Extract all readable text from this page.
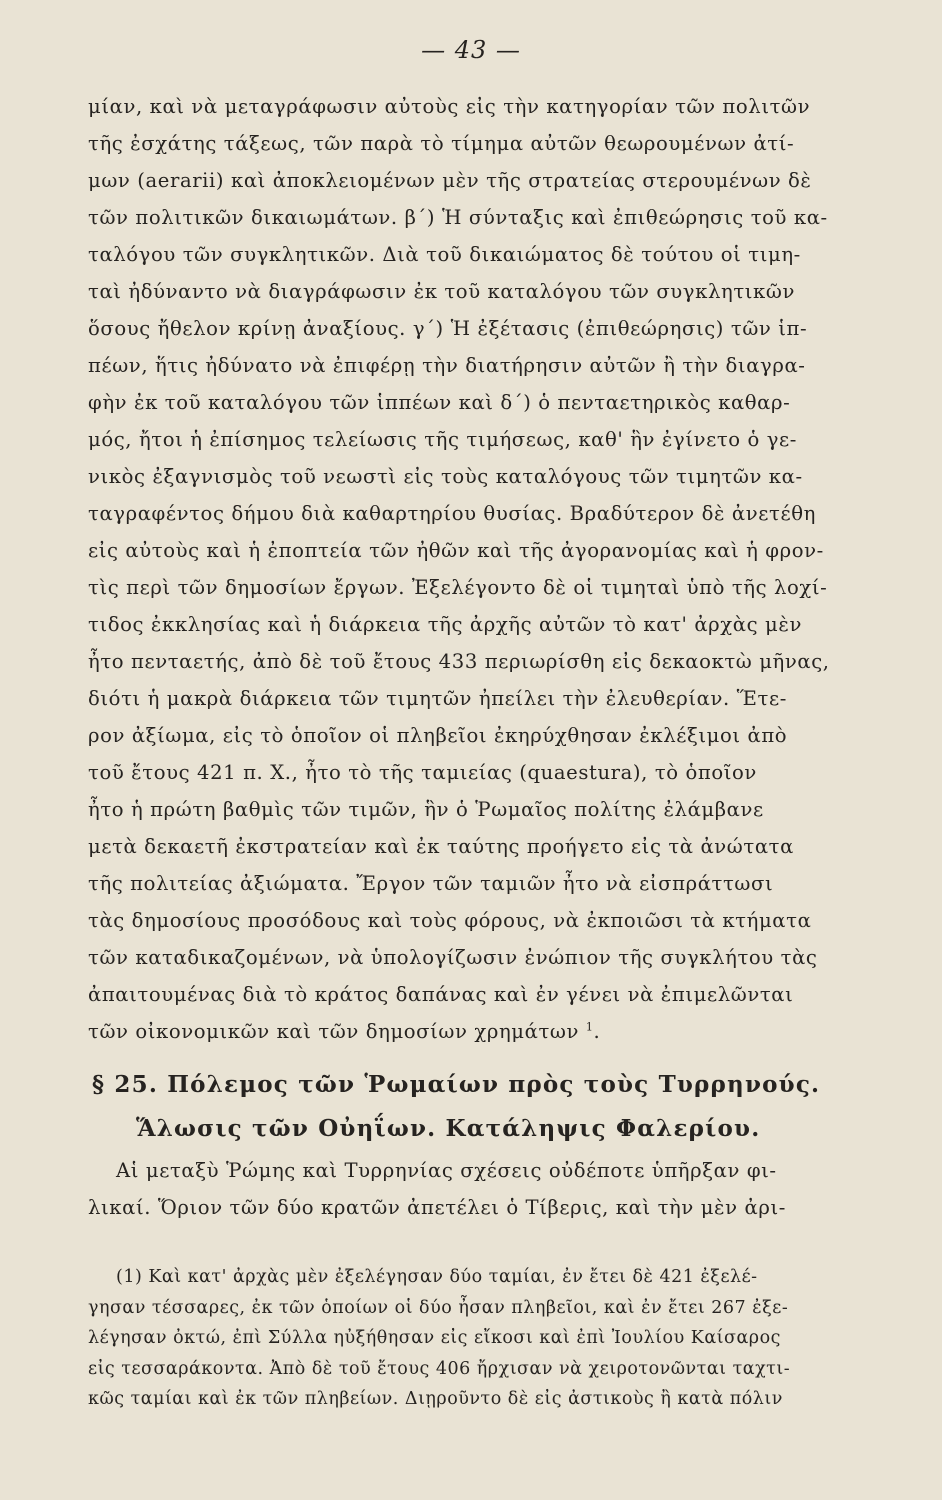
— 43 —
μίαν, καὶ νὰ μεταγράφωσιν αὐτοὺς εἰς τὴν κατηγορίαν τῶν πολιτῶν
τῆς ἐσχάτης τάξεως, τῶν παρὰ τὸ τίμημα αὐτῶν θεωρουμένων ἀτί-
μων (aerarii) καὶ ἀποκλειομένων μὲν τῆς στρατείας στερουμένων δὲ
τῶν πολιτικῶν δικαιωμάτων. β΄) Ἡ σύνταξις καὶ ἐπιθεώρησις τοῦ κα-
ταλόγου τῶν συγκλητικῶν. Διὰ τοῦ δικαιώματος δὲ τούτου οἱ τιμη-
ταὶ ἠδύναντο νὰ διαγράφωσιν ἐκ τοῦ καταλόγου τῶν συγκλητικῶν
ὅσους ἤθελον κρίνῃ ἀναξίους. γ΄) Ἡ ἐξέτασις (ἐπιθεώρησις) τῶν ἱπ-
πέων, ἥτις ἠδύνατο νὰ ἐπιφέρῃ τὴν διατήρησιν αὐτῶν ἢ τὴν διαγρα-
φὴν ἐκ τοῦ καταλόγου τῶν ἱππέων καὶ δ΄) ὁ πενταετηρικὸς καθαρ-
μός, ἤτοι ἡ ἐπίσημος τελείωσις τῆς τιμήσεως, καθ' ἣν ἐγίνετο ὁ γε-
νικὸς ἐξαγνισμὸς τοῦ νεωστὶ εἰς τοὺς καταλόγους τῶν τιμητῶν κα-
ταγραφέντος δήμου διὰ καθαρτηρίου θυσίας. Βραδύτερον δὲ ἀνετέθη
εἰς αὐτοὺς καὶ ἡ ἐποπτεία τῶν ἠθῶν καὶ τῆς ἀγορανομίας καὶ ἡ φρον-
τὶς περὶ τῶν δημοσίων ἔργων. Ἐξελέγοντο δὲ οἱ τιμηταὶ ὑπὸ τῆς λοχί-
τιδος ἐκκλησίας καὶ ἡ διάρκεια τῆς ἀρχῆς αὐτῶν τὸ κατ' ἀρχὰς μὲν
ἦτο πενταετής, ἀπὸ δὲ τοῦ ἔτους 433 περιωρίσθη εἰς δεκαοκτὼ μῆνας,
διότι ἡ μακρὰ διάρκεια τῶν τιμητῶν ἠπείλει τὴν ἐλευθερίαν. Ἕτε-
ρον ἀξίωμα, εἰς τὸ ὁποῖον οἱ πληβεῖοι ἐκηρύχθησαν ἐκλέξιμοι ἀπὸ
τοῦ ἔτους 421 π. Χ., ἦτο τὸ τῆς ταμιείας (quaestura), τὸ ὁποῖον
ἦτο ἡ πρώτη βαθμὶς τῶν τιμῶν, ἣν ὁ Ῥωμαῖος πολίτης ἐλάμβανε
μετὰ δεκαετῆ ἐκστρατείαν καὶ ἐκ ταύτης προήγετο εἰς τὰ ἀνώτατα
τῆς πολιτείας ἀξιώματα. Ἔργον τῶν ταμιῶν ἦτο νὰ εἰσπράττωσι
τὰς δημοσίους προσόδους καὶ τοὺς φόρους, νὰ ἐκποιῶσι τὰ κτήματα
τῶν καταδικαζομένων, νὰ ὑπολογίζωσιν ἐνώπιον τῆς συγκλήτου τὰς
ἀπαιτουμένας διὰ τὸ κράτος δαπάνας καὶ ἐν γένει νὰ ἐπιμελῶνται
τῶν οἰκονομικῶν καὶ τῶν δημοσίων χρημάτων $^1$.
§ 25. Πόλεμος τῶν Ῥωμαίων πρὸς τοὺς Τυρρηνούς.
Ἅλωσις τῶν Οὐηΐων. Κατάληψις Φαλερίου.
Αἱ μεταξὺ Ῥώμης καὶ Τυρρηνίας σχέσεις οὐδέποτε ὑπῆρξαν φι-
λικαί. Ὅριον τῶν δύο κρατῶν ἀπετέλει ὁ Τίβερις, καὶ τὴν μὲν ἀρι-
(1) Καὶ κατ' ἀρχὰς μὲν ἐξελέγησαν δύο ταμίαι, ἐν ἔτει δὲ 421 ἐξελέ-
γησαν τέσσαρες, ἐκ τῶν ὁποίων οἱ δύο ἦσαν πληβεῖοι, καὶ ἐν ἔτει 267 ἐξε-
λέγησαν ὀκτώ, ἐπὶ Σύλλα ηὐξήθησαν εἰς εἴκοσι καὶ ἐπὶ Ἰουλίου Καίσαρος
εἰς τεσσαράκοντα. Ἀπὸ δὲ τοῦ ἔτους 406 ἤρχισαν νὰ χειροτονῶνται ταχτι-
κῶς ταμίαι καὶ ἐκ τῶν πληβείων. Διῃροῦντο δὲ εἰς ἀστικοὺς ἢ κατὰ πόλιν
